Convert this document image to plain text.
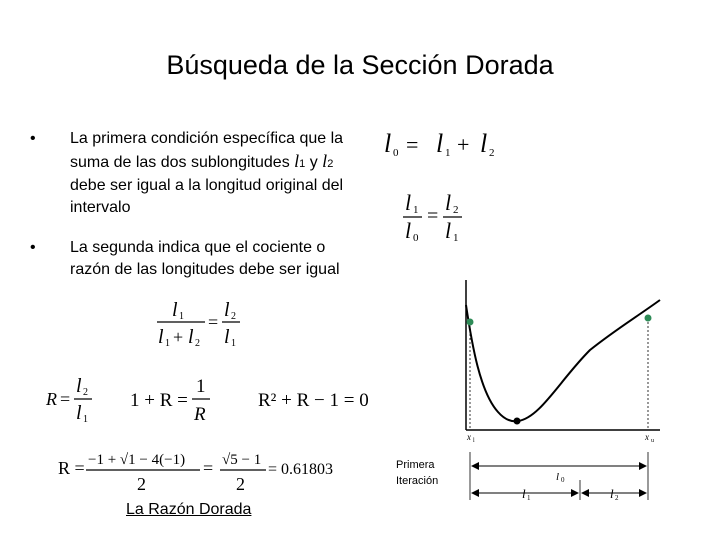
Búsqueda de la Sección Dorada
• La primera condición específica que la suma de las dos sublongitudes l1 y l2 debe ser igual a la longitud original del intervalo
• La segunda indica que el cociente o razón de las longitudes debe ser igual
l 0 = l 1 + l 2
l 1
l 0
=
l 2
l 1
l 1
l 1 + l 2
=
l 2
l 1
R =
l 2
l 1
1 + R =
1
R
R² + R − 1 = 0
R = −1 + √1 − 4(−1)
2
= √5 − 1
2
= 0.61803
x l	x u
Primera
Iteración	l 0
l 1	l 2
La Razón Dorada
